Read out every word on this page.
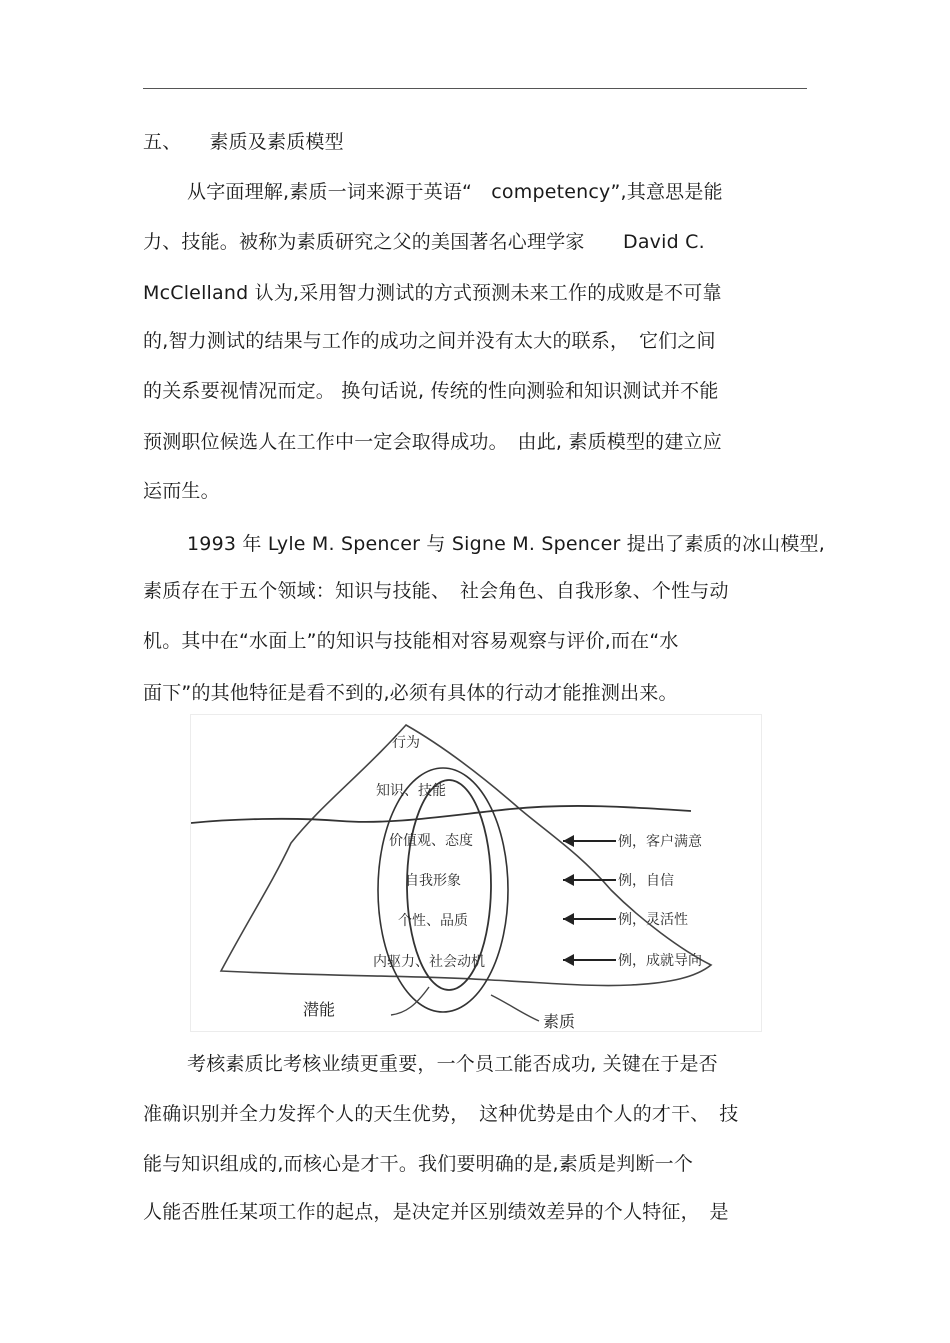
五、 素质及素质模型
从字面理解,素质一词来源于英语“　competency”,其意思是能
力、技能。被称为素质研究之父的美国著名心理学家　　David C.
McClelland 认为,采用智力测试的方式预测未来工作的成败是不可靠
的,智力测试的结果与工作的成功之间并没有太大的联系，　它们之间
的关系要视情况而定。 换句话说, 传统的性向测验和知识测试并不能
预测职位候选人在工作中一定会取得成功。　由此, 素质模型的建立应
运而生。
1993 年 Lyle M. Spencer 与 Signe M. Spencer 提出了素质的冰山模型,
素质存在于五个领域：知识与技能、　社会角色、自我形象、个性与动
机。其中在“水面上”的知识与技能相对容易观察与评价,而在“水
面下”的其他特征是看不到的,必须有具体的行动才能推测出来。
行为
知识、技能
价值观、态度
自我形象
个性、品质
内驱力、社会动机
例，客户满意
例，自信
例，灵活性
例，成就导向
潜能
素质
考核素质比考核业绩更重要，一个员工能否成功, 关键在于是否
准确识别并全力发挥个人的天生优势，　这种优势是由个人的才干、　技
能与知识组成的,而核心是才干。我们要明确的是,素质是判断一个
人能否胜任某项工作的起点，是决定并区别绩效差异的个人特征，　是
